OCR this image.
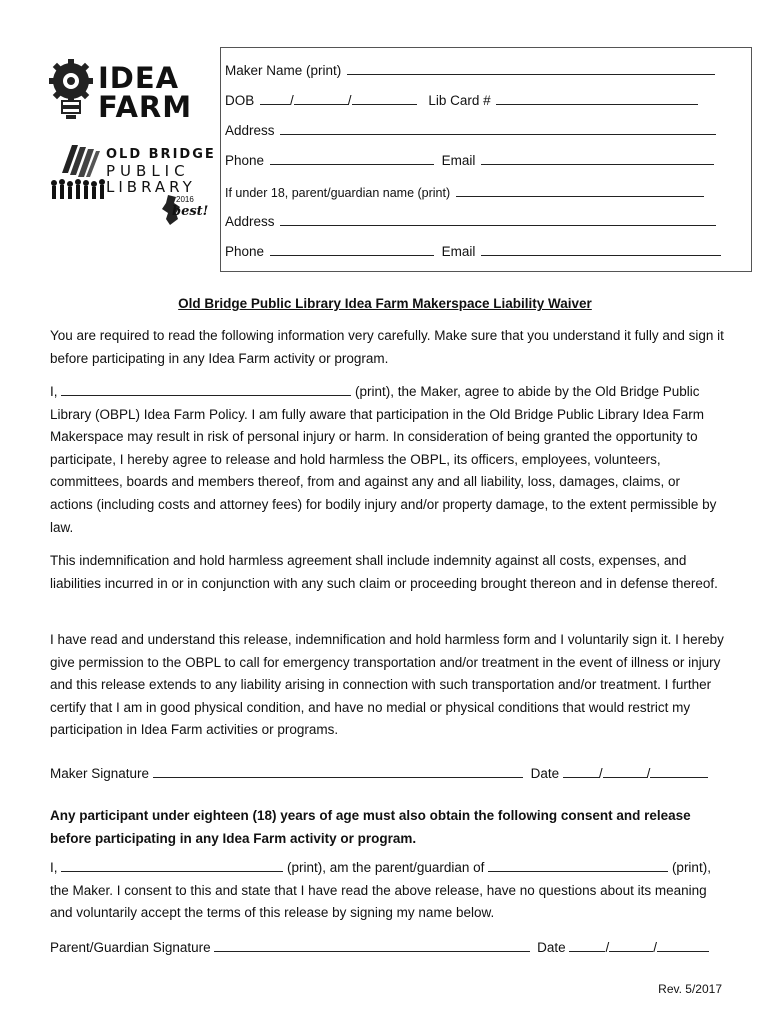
IDEA
FARM
OLD BRIDGE
PUBLIC
LIBRARY
2016
best!
Maker Name (print)
DOB	/	/	Lib Card #
Address
Phone	Email
If under 18, parent/guardian name (print)
Address
Phone	Email
Old Bridge Public Library Idea Farm Makerspace Liability Waiver
You are required to read the following information very carefully. Make sure that you understand it fully and sign it before participating in any Idea Farm activity or program.
I,	(print), the Maker, agree to abide by the Old Bridge Public Library (OBPL) Idea Farm Policy. I am fully aware that participation in the Old Bridge Public Library Idea Farm Makerspace may result in risk of personal injury or harm. In consideration of being granted the opportunity to participate, I hereby agree to release and hold harmless the OBPL, its officers, employees, volunteers, committees, boards and members thereof, from and against any and all liability, loss, damages, claims, or actions (including costs and attorney fees) for bodily injury and/or property damage, to the extent permissible by law.
This indemnification and hold harmless agreement shall include indemnity against all costs, expenses, and liabilities incurred in or in conjunction with any such claim or proceeding brought thereon and in defense thereof.
I have read and understand this release, indemnification and hold harmless form and I voluntarily sign it. I hereby give permission to the OBPL to call for emergency transportation and/or treatment in the event of illness or injury and this release extends to any liability arising in connection with such transportation and/or treatment. I further certify that I am in good physical condition, and have no medial or physical conditions that would restrict my participation in Idea Farm activities or programs.
Maker Signature	Date	/	/
Any participant under eighteen (18) years of age must also obtain the following consent and release before participating in any Idea Farm activity or program.
I,	(print), am the parent/guardian of	(print), the Maker. I consent to this and state that I have read the above release, have no questions about its meaning and voluntarily accept the terms of this release by signing my name below.
Parent/Guardian Signature	Date	/	/
Rev. 5/2017
